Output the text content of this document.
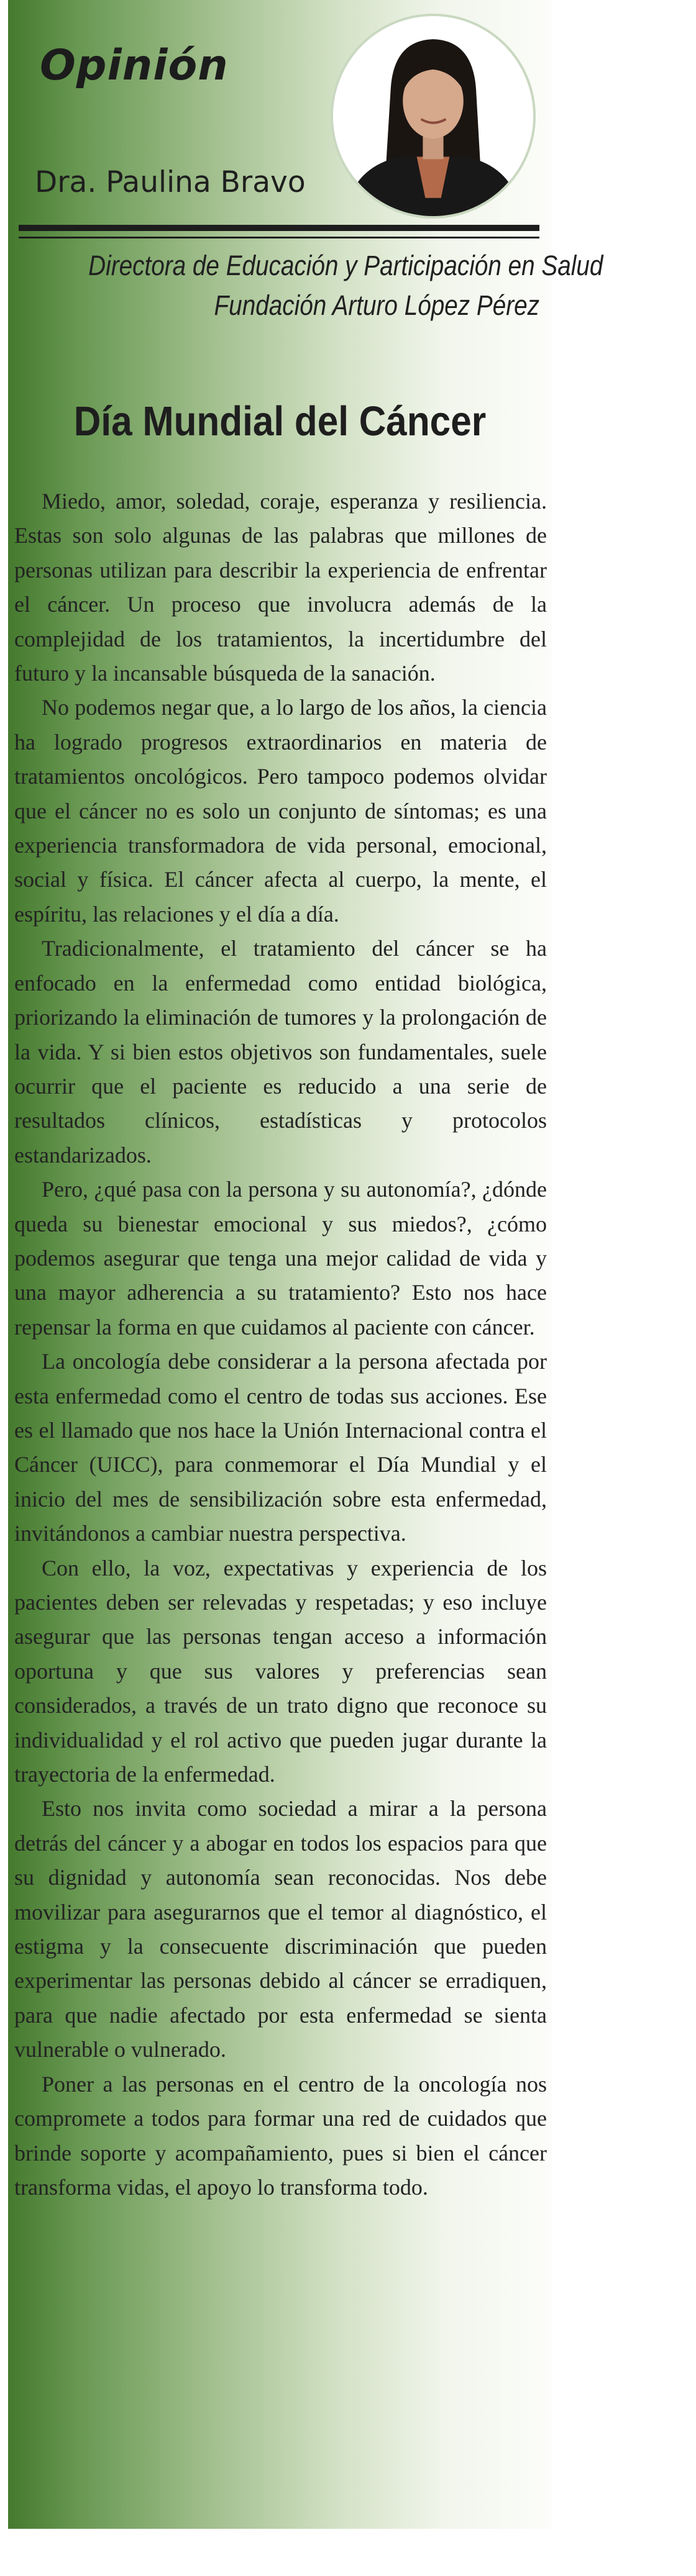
Opinión

Dra. Paulina Bravo

Directora de Educación y Participación en Salud

Fundación Arturo López Pérez

Día Mundial del Cáncer

Miedo, amor, soledad, coraje, esperanza y resiliencia. Estas son solo algunas de las palabras que millones de personas utilizan para describir la experiencia de enfrentar el cáncer. Un proceso que involucra además de la complejidad de los tratamientos, la incertidumbre del futuro y la incansable búsqueda de la sanación.

No podemos negar que, a lo largo de los años, la ciencia ha logrado progresos extraordinarios en materia de tratamientos oncológicos. Pero tampoco podemos olvidar que el cáncer no es solo un conjunto de síntomas; es una experiencia transformadora de vida personal, emocional, social y física. El cáncer afecta al cuerpo, la mente, el espíritu, las relaciones y el día a día.

Tradicionalmente, el tratamiento del cáncer se ha enfocado en la enfermedad como entidad biológica, priorizando la eliminación de tumores y la prolongación de la vida. Y si bien estos objetivos son fundamentales, suele ocurrir que el paciente es reducido a una serie de resultados clínicos, estadísticas y protocolos estandarizados.

Pero, ¿qué pasa con la persona y su autonomía?, ¿dónde queda su bienestar emocional y sus miedos?, ¿cómo podemos asegurar que tenga una mejor calidad de vida y una mayor adherencia a su tratamiento? Esto nos hace repensar la forma en que cuidamos al paciente con cáncer.

La oncología debe considerar a la persona afectada por esta enfermedad como el centro de todas sus acciones. Ese es el llamado que nos hace la Unión Internacional contra el Cáncer (UICC), para conmemorar el Día Mundial y el inicio del mes de sensibilización sobre esta enfermedad, invitándonos a cambiar nuestra perspectiva.

Con ello, la voz, expectativas y experiencia de los pacientes deben ser relevadas y respetadas; y eso incluye asegurar que las personas tengan acceso a información oportuna y que sus valores y preferencias sean considerados, a través de un trato digno que reconoce su individualidad y el rol activo que pueden jugar durante la trayectoria de la enfermedad.

Esto nos invita como sociedad a mirar a la persona detrás del cáncer y a abogar en todos los espacios para que su dignidad y autonomía sean reconocidas. Nos debe movilizar para asegurarnos que el temor al diagnóstico, el estigma y la consecuente discriminación que pueden experimentar las personas debido al cáncer se erradiquen, para que nadie afectado por esta enfermedad se sienta vulnerable o vulnerado.

Poner a las personas en el centro de la oncología nos compromete a todos para formar una red de cuidados que brinde soporte y acompañamiento, pues si bien el cáncer transforma vidas, el apoyo lo transforma todo.
